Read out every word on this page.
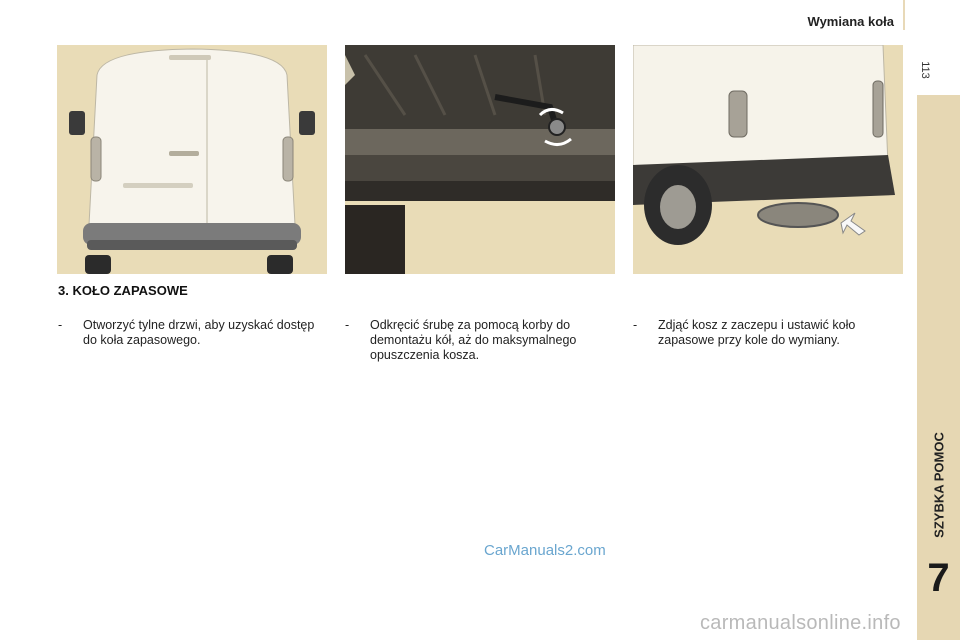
Wymiana koła
113
SZYBKA POMOC
7
3. KOŁO ZAPASOWE
- Otworzyć tylne drzwi, aby uzyskać dostęp do koła zapasowego.
- Odkręcić śrubę za pomocą korby do demontażu kół, aż do maksymalnego opuszczenia kosza.
- Zdjąć kosz z zaczepu i ustawić koło zapasowe przy kole do wymiany.
CarManuals2.com
carmanualsonline.info
